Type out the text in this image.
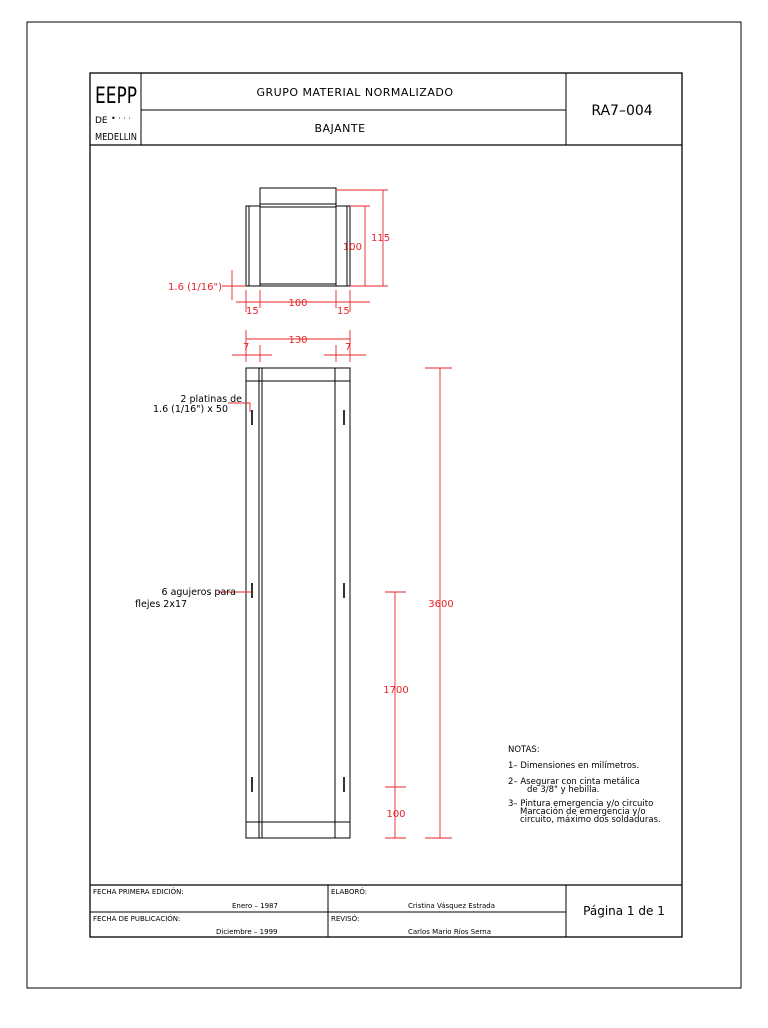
EEPP
DE • · · ·
MEDELLIN
GRUPO MATERIAL NORMALIZADO
BAJANTE
RA7–004
100
115
1.6 (1/16")
15
100
15
130
7	7
2 platinas de
1.6 (1/16") x 50
6 agujeros para
flejes 2x17	3600
1700
100
NOTAS:
1– Dimensiones en milímetros.
2– Asegurar con cinta metálica
de 3/8" y hebilla.
3– Pintura emergencia y/o circuito
Marcación de emergencia y/o
circuito, máximo dos soldaduras.
FECHA PRIMERA EDICIÓN:
Enero – 1987
FECHA DE PUBLICACIÓN:
Diciembre – 1999
ELABORÓ:
Cristina Vásquez Estrada
REVISÓ:
Carlos Mario Ríos Serna
Página 1 de 1
